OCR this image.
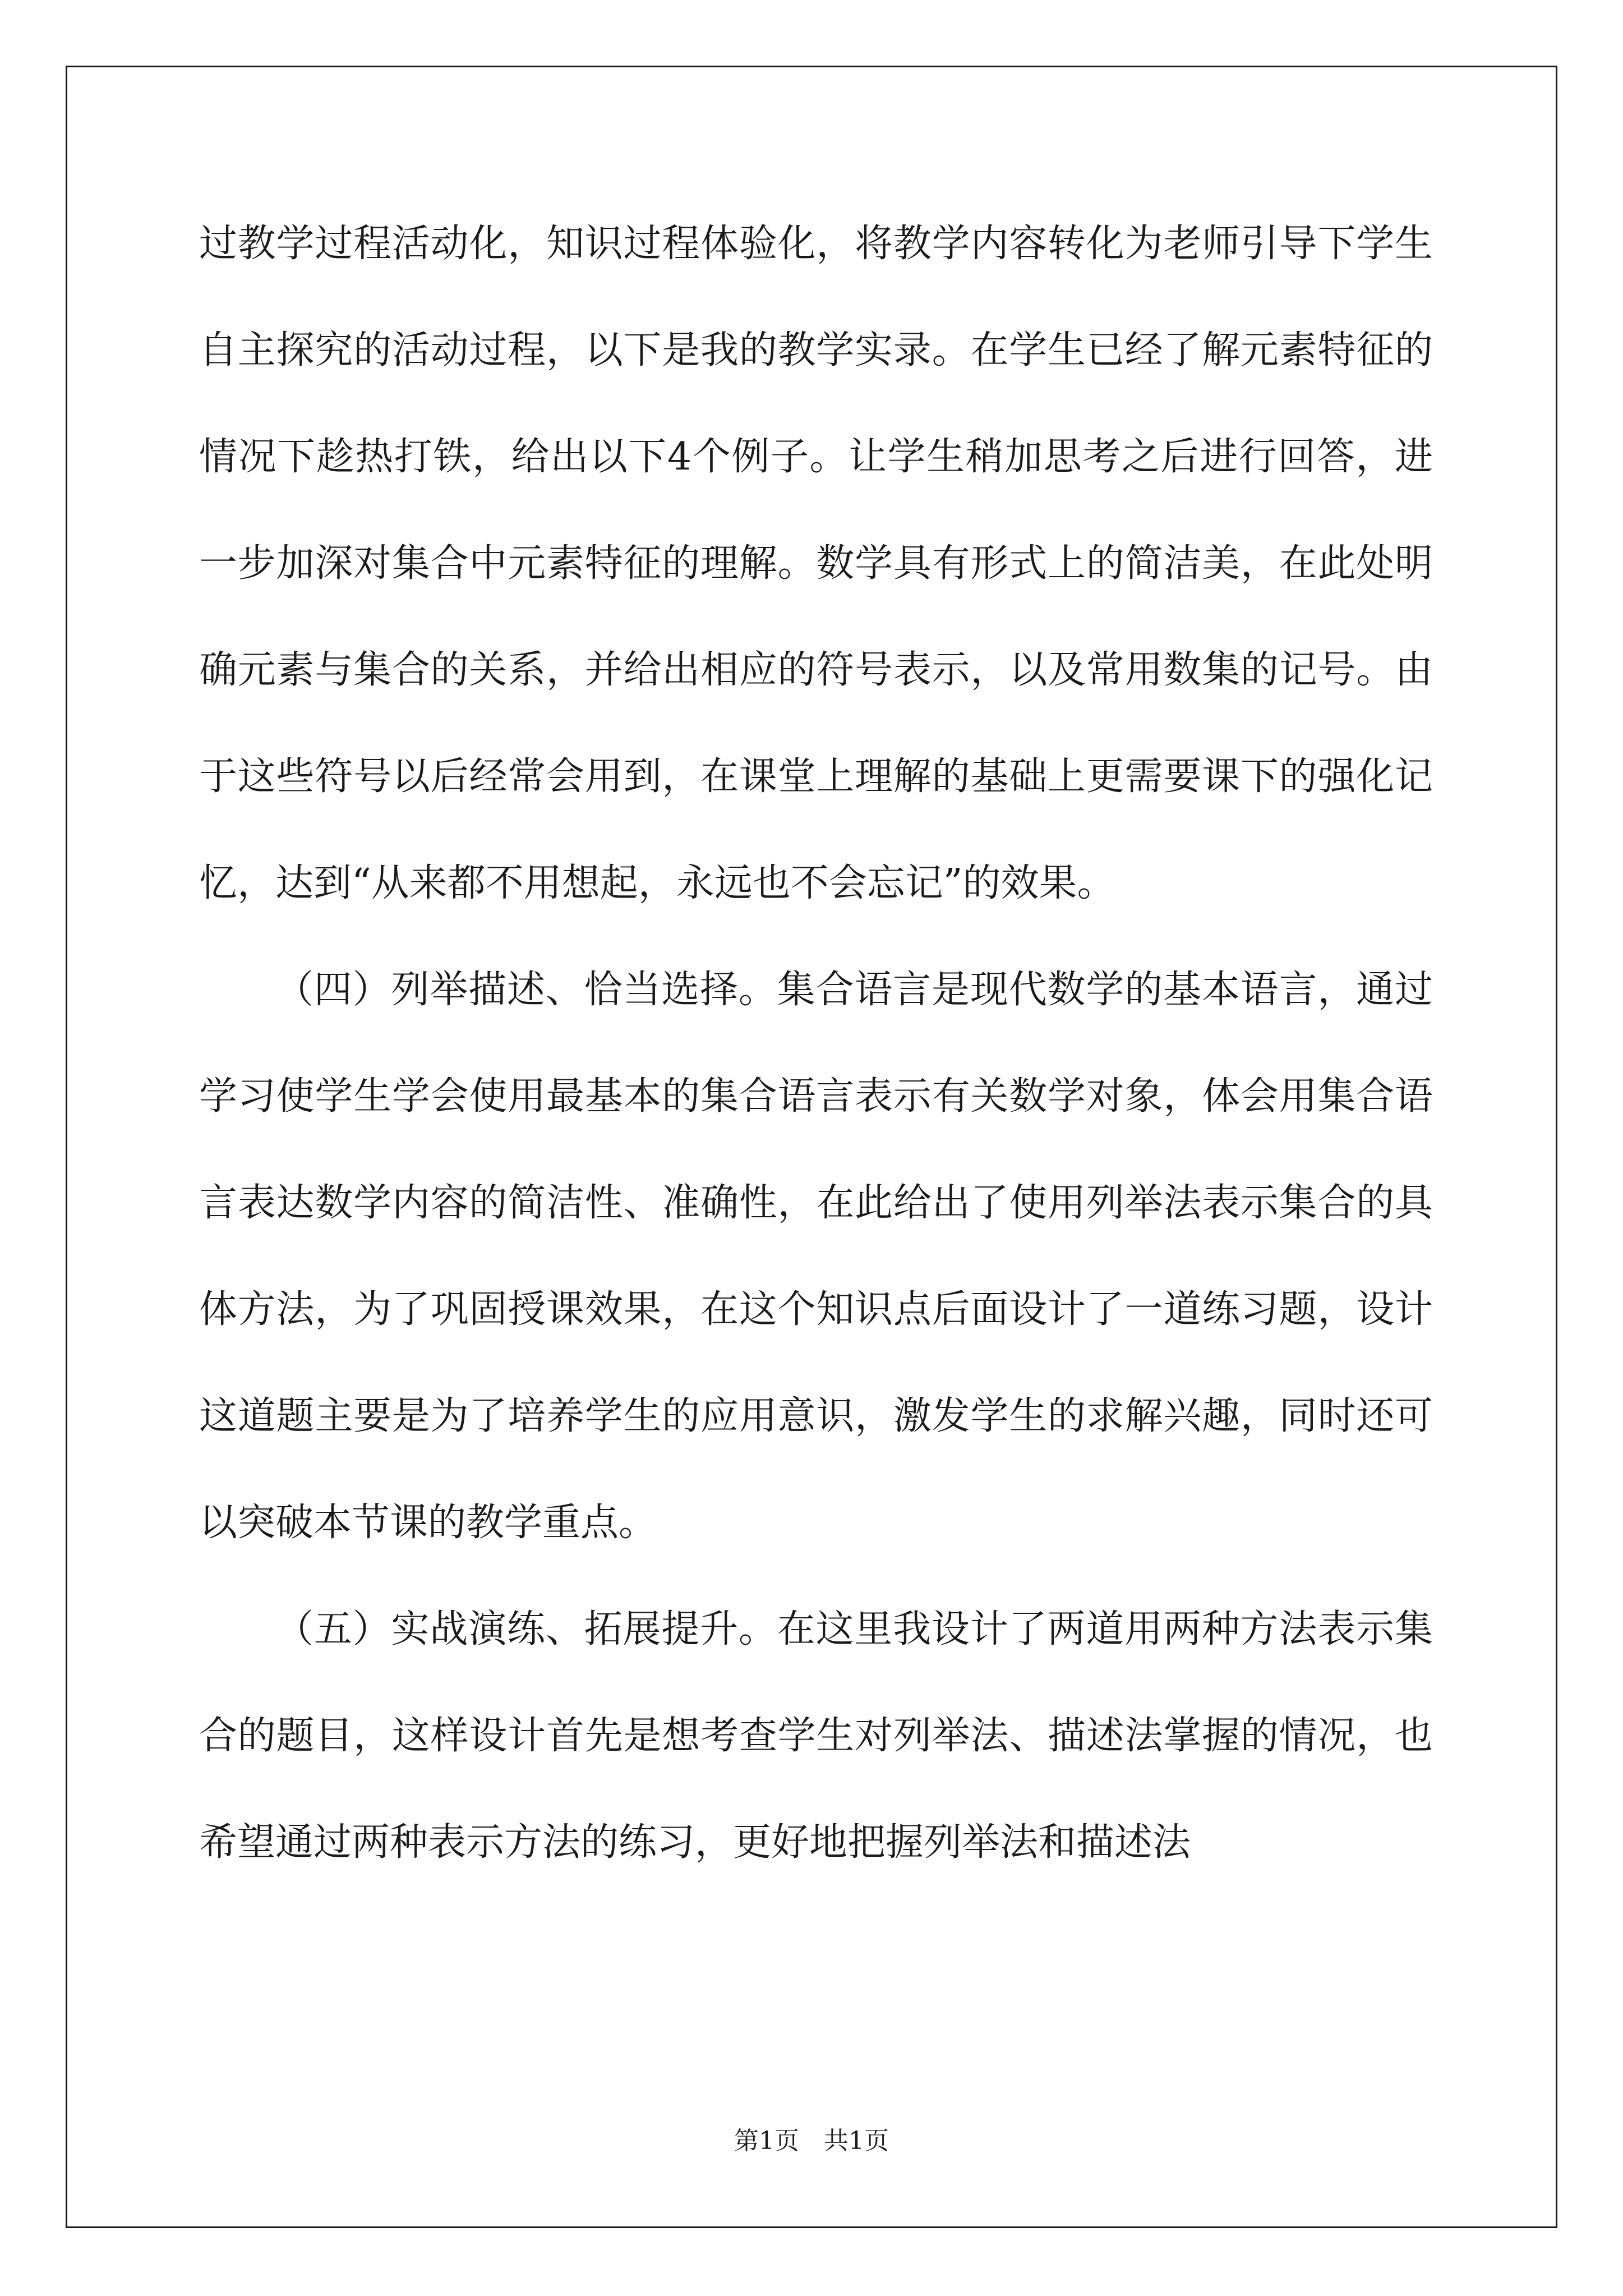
过教学过程活动化，知识过程体验化，将教学内容转化为老师引导下学生自主探究的活动过程，以下是我的教学实录。在学生已经了解元素特征的情况下趁热打铁，给出以下4个例子。让学生稍加思考之后进行回答，进一步加深对集合中元素特征的理解。数学具有形式上的简洁美，在此处明确元素与集合的关系，并给出相应的符号表示，以及常用数集的记号。由于这些符号以后经常会用到，在课堂上理解的基础上更需要课下的强化记忆，达到“从来都不用想起，永远也不会忘记”的效果。

（四）列举描述、恰当选择。集合语言是现代数学的基本语言，通过学习使学生学会使用最基本的集合语言表示有关数学对象，体会用集合语言表达数学内容的简洁性、准确性，在此给出了使用列举法表示集合的具体方法，为了巩固授课效果，在这个知识点后面设计了一道练习题，设计这道题主要是为了培养学生的应用意识，激发学生的求解兴趣，同时还可以突破本节课的教学重点。

（五）实战演练、拓展提升。在这里我设计了两道用两种方法表示集合的题目，这样设计首先是想考查学生对列举法、描述法掌握的情况，也希望通过两种表示方法的练习，更好地把握列举法和描述法

第1页　共1页
